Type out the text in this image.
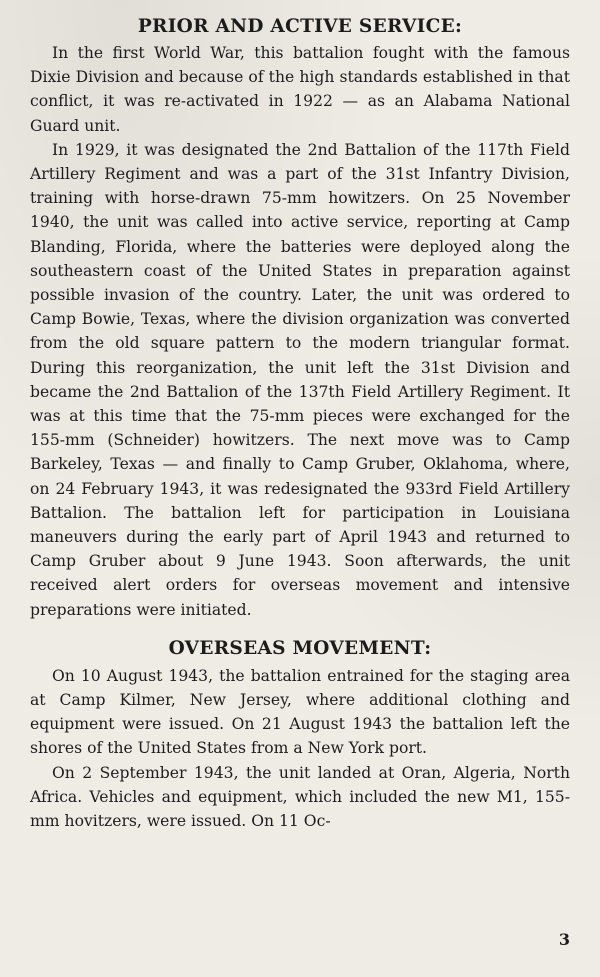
PRIOR AND ACTIVE SERVICE:

In the first World War, this battalion fought with the famous Dixie Division and because of the high standards established in that conflict, it was re-activated in 1922 — as an Alabama National Guard unit.

In 1929, it was designated the 2nd Battalion of the 117th Field Artillery Regiment and was a part of the 31st Infantry Division, training with horse-drawn 75-mm howitzers. On 25 November 1940, the unit was called into active service, reporting at Camp Blanding, Florida, where the batteries were deployed along the southeastern coast of the United States in preparation against possible invasion of the country. Later, the unit was ordered to Camp Bowie, Texas, where the division organization was converted from the old square pattern to the modern triangular format. During this reorganization, the unit left the 31st Division and became the 2nd Battalion of the 137th Field Artillery Regiment. It was at this time that the 75-mm pieces were exchanged for the 155-mm (Schneider) howitzers. The next move was to Camp Barkeley, Texas — and finally to Camp Gruber, Oklahoma, where, on 24 February 1943, it was redesignated the 933rd Field Artillery Battalion. The battalion left for participation in Louisiana maneuvers during the early part of April 1943 and returned to Camp Gruber about 9 June 1943. Soon afterwards, the unit received alert orders for overseas movement and intensive preparations were initiated.

OVERSEAS MOVEMENT:

On 10 August 1943, the battalion entrained for the staging area at Camp Kilmer, New Jersey, where additional clothing and equipment were issued. On 21 August 1943 the battalion left the shores of the United States from a New York port.

On 2 September 1943, the unit landed at Oran, Algeria, North Africa. Vehicles and equipment, which included the new M1, 155-mm hovitzers, were issued. On 11 Oc-

3
